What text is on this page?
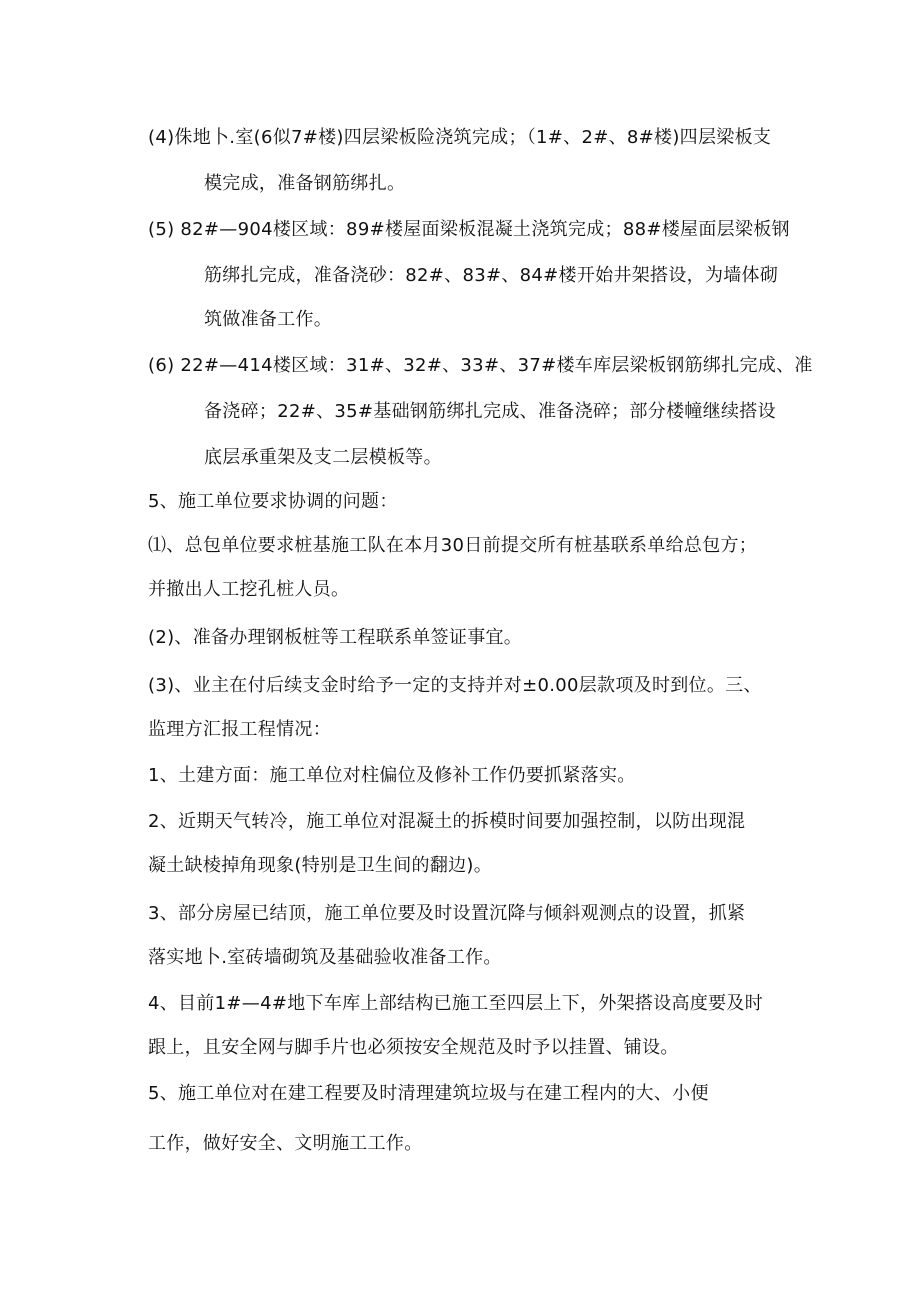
(4)侏地卜.室(6似7#楼)四层梁板险浇筑完成；（1#、2#、8#楼)四层梁板支
模完成，准备钢筋绑扎。
(5) 82#—904楼区域：89#楼屋面梁板混凝土浇筑完成；88#楼屋面层梁板钢
筋绑扎完成，准备浇砂：82#、83#、84#楼开始井架搭设，为墙体砌
筑做准备工作。
(6) 22#—414楼区域：31#、32#、33#、37#楼车库层梁板钢筋绑扎完成、准
备浇碎；22#、35#基础钢筋绑扎完成、准备浇碎；部分楼幢继续搭设
底层承重架及支二层模板等。
5、施工单位要求协调的问题：
⑴、总包单位要求桩基施工队在本月30日前提交所有桩基联系单给总包方；
并撤出人工挖孔桩人员。
(2)、准备办理钢板桩等工程联系单签证事宜。
(3)、业主在付后续支金时给予一定的支持并对±0.00层款项及时到位。三、
监理方汇报工程情况：
1、土建方面：施工单位对柱偏位及修补工作仍要抓紧落实。
2、近期天气转冷，施工单位对混凝土的拆模时间要加强控制，以防出现混
凝土缺棱掉角现象(特别是卫生间的翻边)。
3、部分房屋已结顶，施工单位要及时设置沉降与倾斜观测点的设置，抓紧
落实地卜.室砖墙砌筑及基础验收准备工作。
4、目前1#—4#地下车库上部结构已施工至四层上下，外架搭设高度要及时
跟上，且安全网与脚手片也必须按安全规范及时予以挂置、铺设。
5、施工单位对在建工程要及时清理建筑垃圾与在建工程内的大、小便
工作，做好安全、文明施工工作。
